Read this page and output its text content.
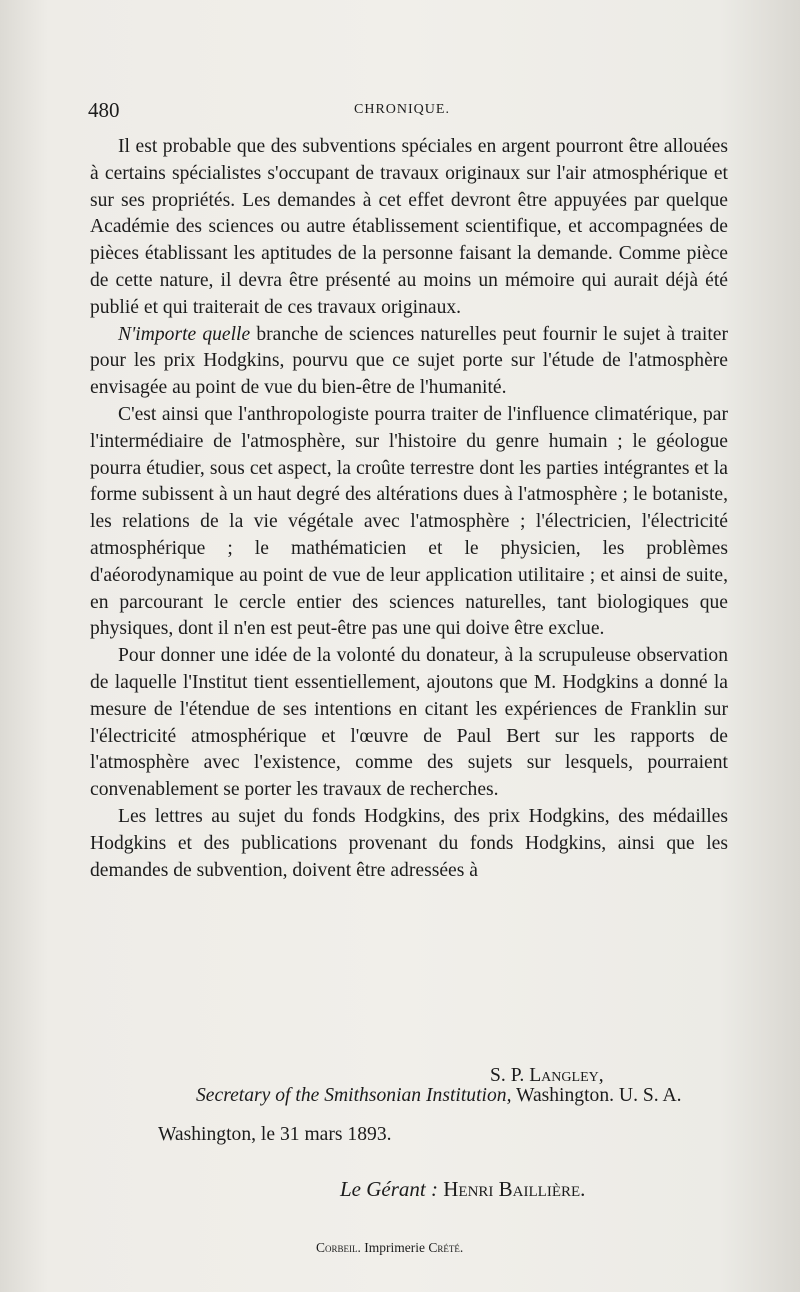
480	CHRONIQUE.

Il est probable que des subventions spéciales en argent pourront être allouées à certains spécialistes s'occupant de travaux originaux sur l'air atmosphérique et sur ses propriétés. Les demandes à cet effet devront être appuyées par quelque Académie des sciences ou autre établissement scientifique, et accompagnées de pièces établissant les aptitudes de la personne faisant la demande. Comme pièce de cette nature, il devra être présenté au moins un mémoire qui aurait déjà été publié et qui traiterait de ces travaux originaux.

N'importe quelle branche de sciences naturelles peut fournir le sujet à traiter pour les prix Hodgkins, pourvu que ce sujet porte sur l'étude de l'atmosphère envisagée au point de vue du bien-être de l'humanité.

C'est ainsi que l'anthropologiste pourra traiter de l'influence climatérique, par l'intermédiaire de l'atmosphère, sur l'histoire du genre humain ; le géologue pourra étudier, sous cet aspect, la croûte terrestre dont les parties intégrantes et la forme subissent à un haut degré des altérations dues à l'atmosphère ; le botaniste, les relations de la vie végétale avec l'atmosphère ; l'électricien, l'électricité atmosphérique ; le mathématicien et le physicien, les problèmes d'aéorodynamique au point de vue de leur application utilitaire ; et ainsi de suite, en parcourant le cercle entier des sciences naturelles, tant biologiques que physiques, dont il n'en est peut-être pas une qui doive être exclue.

Pour donner une idée de la volonté du donateur, à la scrupuleuse observation de laquelle l'Institut tient essentiellement, ajoutons que M. Hodgkins a donné la mesure de l'étendue de ses intentions en citant les expériences de Franklin sur l'électricité atmosphérique et l'œuvre de Paul Bert sur les rapports de l'atmosphère avec l'existence, comme des sujets sur lesquels, pourraient convenablement se porter les travaux de recherches.

Les lettres au sujet du fonds Hodgkins, des prix Hodgkins, des médailles Hodgkins et des publications provenant du fonds Hodgkins, ainsi que les demandes de subvention, doivent être adressées à

S. P. Langley,
Secretary of the Smithsonian Institution, Washington. U. S. A.
Washington, le 31 mars 1893.
Le Gérant : Henri Baillière.
Corbeil. Imprimerie Crété.
